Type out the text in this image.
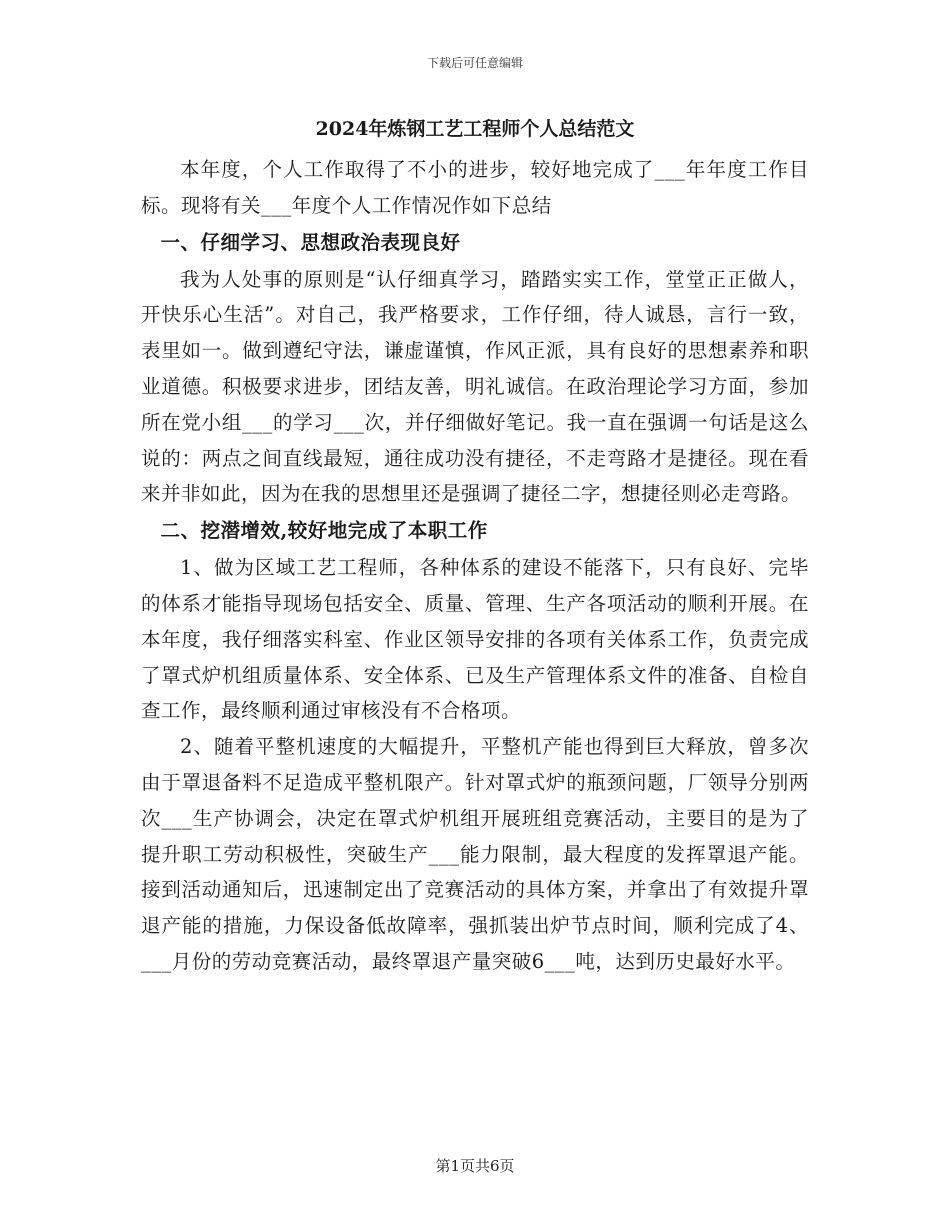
下载后可任意编辑
2024年炼钢工艺工程师个人总结范文

本年度，个人工作取得了不小的进步，较好地完成了___年年度工作目标。现将有关___年度个人工作情况作如下总结

一、仔细学习、思想政治表现良好

我为人处事的原则是“认仔细真学习，踏踏实实工作，堂堂正正做人，开快乐心生活”。对自己，我严格要求，工作仔细，待人诚恳，言行一致，表里如一。做到遵纪守法，谦虚谨慎，作风正派，具有良好的思想素养和职业道德。积极要求进步，团结友善，明礼诚信。在政治理论学习方面，参加所在党小组___的学习___次，并仔细做好笔记。我一直在强调一句话是这么说的：两点之间直线最短，通往成功没有捷径，不走弯路才是捷径。现在看来并非如此，因为在我的思想里还是强调了捷径二字，想捷径则必走弯路。

二、挖潜增效,较好地完成了本职工作

1、做为区域工艺工程师，各种体系的建设不能落下，只有良好、完毕的体系才能指导现场包括安全、质量、管理、生产各项活动的顺利开展。在本年度，我仔细落实科室、作业区领导安排的各项有关体系工作，负责完成了罩式炉机组质量体系、安全体系、已及生产管理体系文件的准备、自检自查工作，最终顺利通过审核没有不合格项。

2、随着平整机速度的大幅提升，平整机产能也得到巨大释放，曾多次由于罩退备料不足造成平整机限产。针对罩式炉的瓶颈问题，厂领导分别两次___生产协调会，决定在罩式炉机组开展班组竞赛活动，主要目的是为了提升职工劳动积极性，突破生产___能力限制，最大程度的发挥罩退产能。接到活动通知后，迅速制定出了竞赛活动的具体方案，并拿出了有效提升罩退产能的措施，力保设备低故障率，强抓装出炉节点时间，顺利完成了4、___月份的劳动竞赛活动，最终罩退产量突破6___吨，达到历史最好水平。

第1页共6页
